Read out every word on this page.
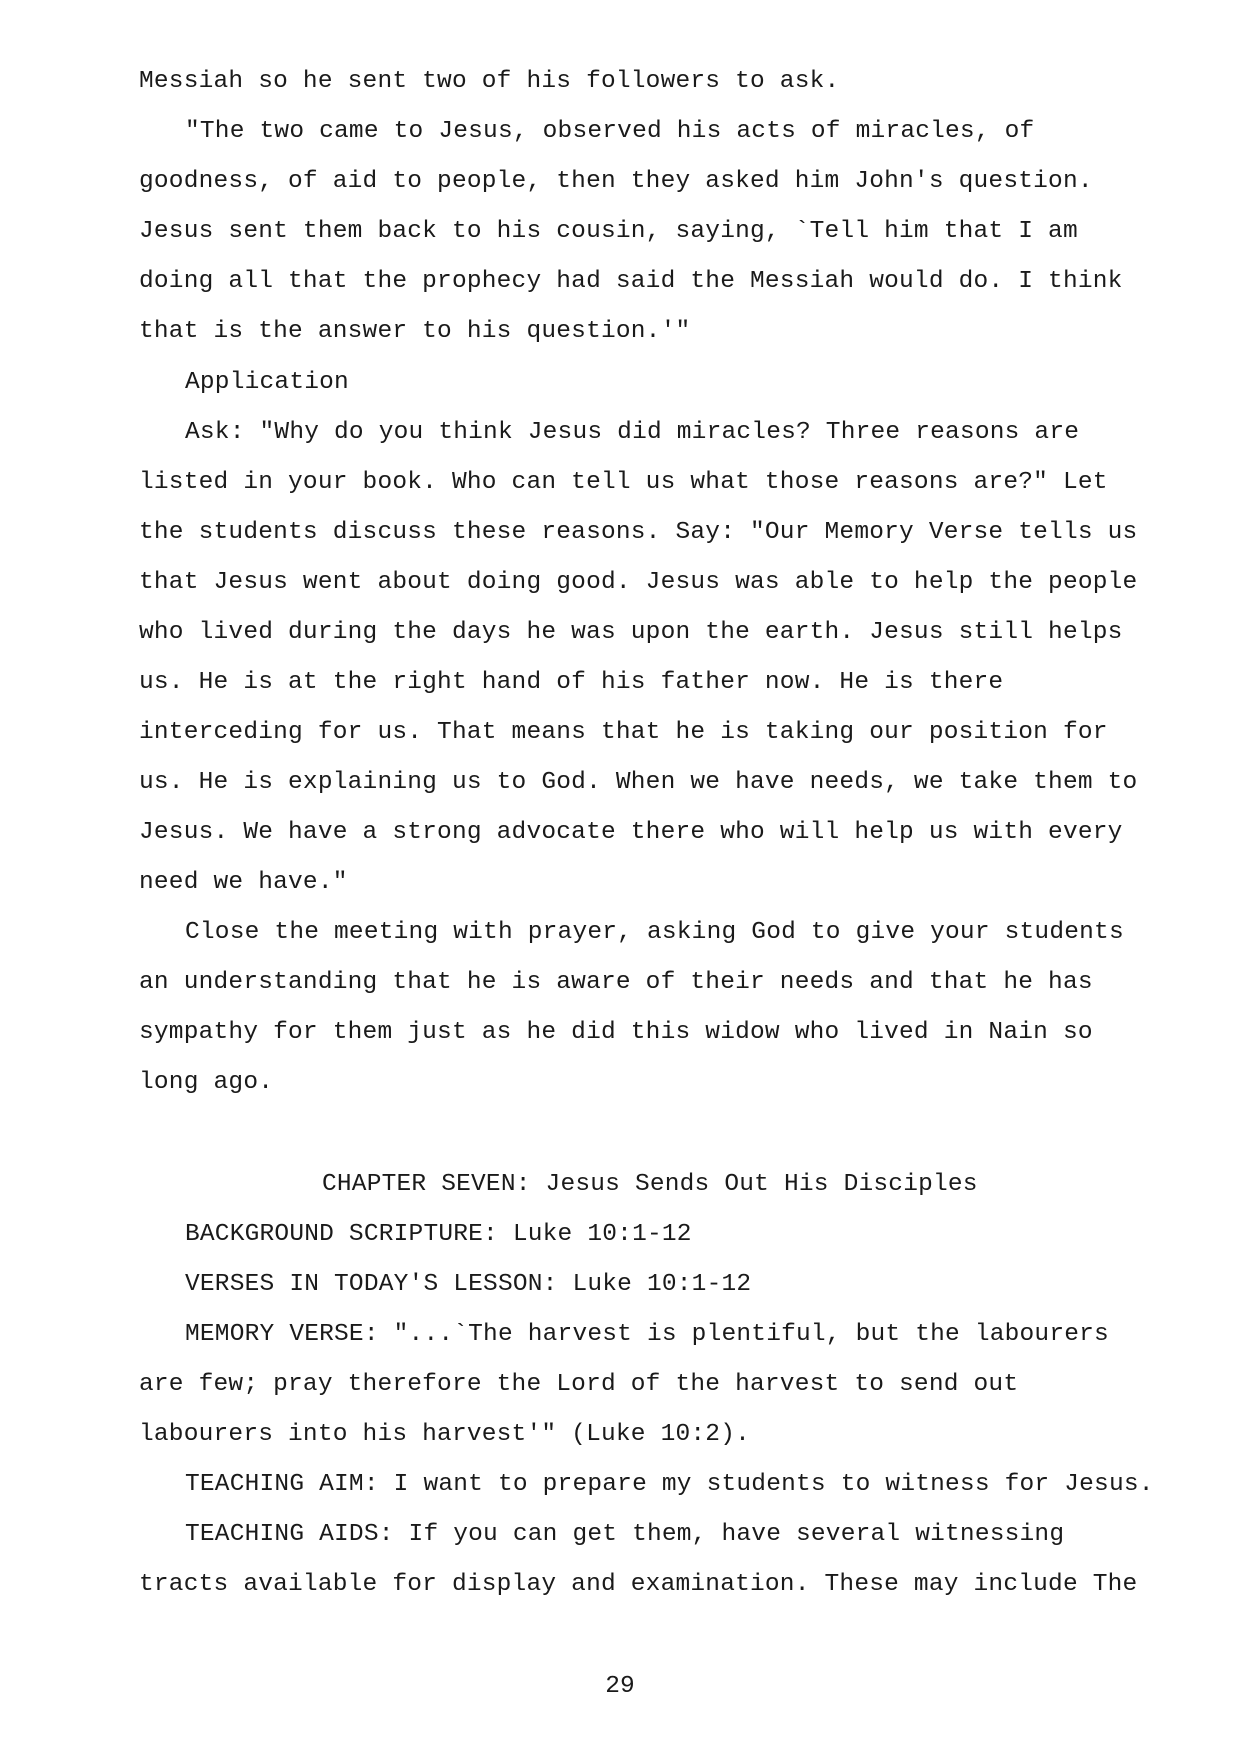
Messiah so he sent two of his followers to ask.
"The two came to Jesus, observed his acts of miracles, of
goodness, of aid to people, then they asked him John's question.
Jesus sent them back to his cousin, saying, `Tell him that I am
doing all that the prophecy had said the Messiah would do. I think
that is the answer to his question.'"
Application
Ask: "Why do you think Jesus did miracles? Three reasons are
listed in your book. Who can tell us what those reasons are?" Let
the students discuss these reasons. Say: "Our Memory Verse tells us
that Jesus went about doing good. Jesus was able to help the people
who lived during the days he was upon the earth. Jesus still helps
us. He is at the right hand of his father now. He is there
interceding for us. That means that he is taking our position for
us. He is explaining us to God. When we have needs, we take them to
Jesus. We have a strong advocate there who will help us with every
need we have."
Close the meeting with prayer, asking God to give your students
an understanding that he is aware of their needs and that he has
sympathy for them just as he did this widow who lived in Nain so
long ago.
CHAPTER SEVEN: Jesus Sends Out His Disciples
BACKGROUND SCRIPTURE: Luke 10:1-12
VERSES IN TODAY'S LESSON: Luke 10:1-12
MEMORY VERSE: "...`The harvest is plentiful, but the labourers
are few; pray therefore the Lord of the harvest to send out
labourers into his harvest'" (Luke 10:2).
TEACHING AIM: I want to prepare my students to witness for Jesus.
TEACHING AIDS: If you can get them, have several witnessing
tracts available for display and examination. These may include The
29
